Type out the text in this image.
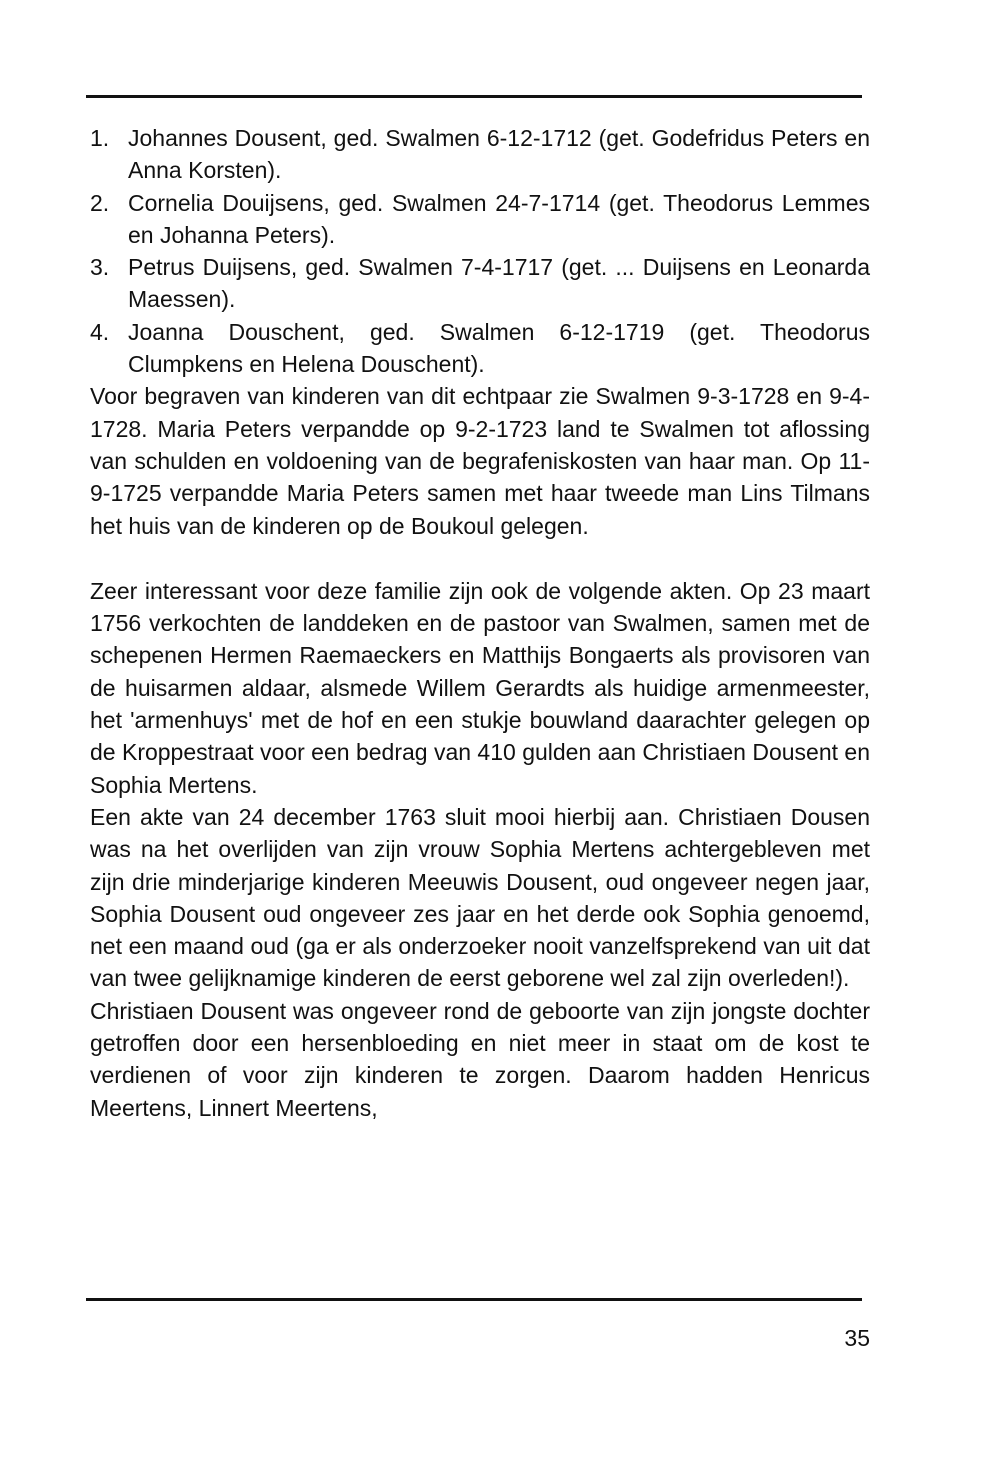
1. Johannes Dousent, ged. Swalmen 6-12-1712 (get. Godefridus Peters en Anna Korsten).
2. Cornelia Douijsens, ged. Swalmen 24-7-1714 (get. Theodorus Lemmes en Johanna Peters).
3. Petrus Duijsens, ged. Swalmen 7-4-1717 (get. ... Duijsens en Leonarda Maessen).
4. Joanna Douschent, ged. Swalmen 6-12-1719 (get. Theodorus Clumpkens en Helena Douschent).

Voor begraven van kinderen van dit echtpaar zie Swalmen 9-3-1728 en 9-4-1728. Maria Peters verpandde op 9-2-1723 land te Swalmen tot aflossing van schulden en voldoening van de begrafeniskosten van haar man. Op 11-9-1725 verpandde Maria Peters samen met haar tweede man Lins Tilmans het huis van de kinderen op de Boukoul gelegen.

Zeer interessant voor deze familie zijn ook de volgende akten. Op 23 maart 1756 verkochten de landdeken en de pastoor van Swalmen, samen met de schepenen Hermen Raemaeckers en Matthijs Bongaerts als provisoren van de huisarmen aldaar, alsmede Willem Gerardts als huidige armenmeester, het 'armenhuys' met de hof en een stukje bouwland daarachter gelegen op de Kroppestraat voor een bedrag van 410 gulden aan Christiaen Dousent en Sophia Mertens.

Een akte van 24 december 1763 sluit mooi hierbij aan. Christiaen Dousen was na het overlijden van zijn vrouw Sophia Mertens achtergebleven met zijn drie minderjarige kinderen Meeuwis Dousent, oud ongeveer negen jaar, Sophia Dousent oud ongeveer zes jaar en het derde ook Sophia genoemd, net een maand oud (ga er als onderzoeker nooit vanzelfsprekend van uit dat van twee gelijknamige kinderen de eerst geborene wel zal zijn overleden!).

Christiaen Dousent was ongeveer rond de geboorte van zijn jongste dochter getroffen door een hersenbloeding en niet meer in staat om de kost te verdienen of voor zijn kinderen te zorgen. Daarom hadden Henricus Meertens, Linnert Meertens,

35
